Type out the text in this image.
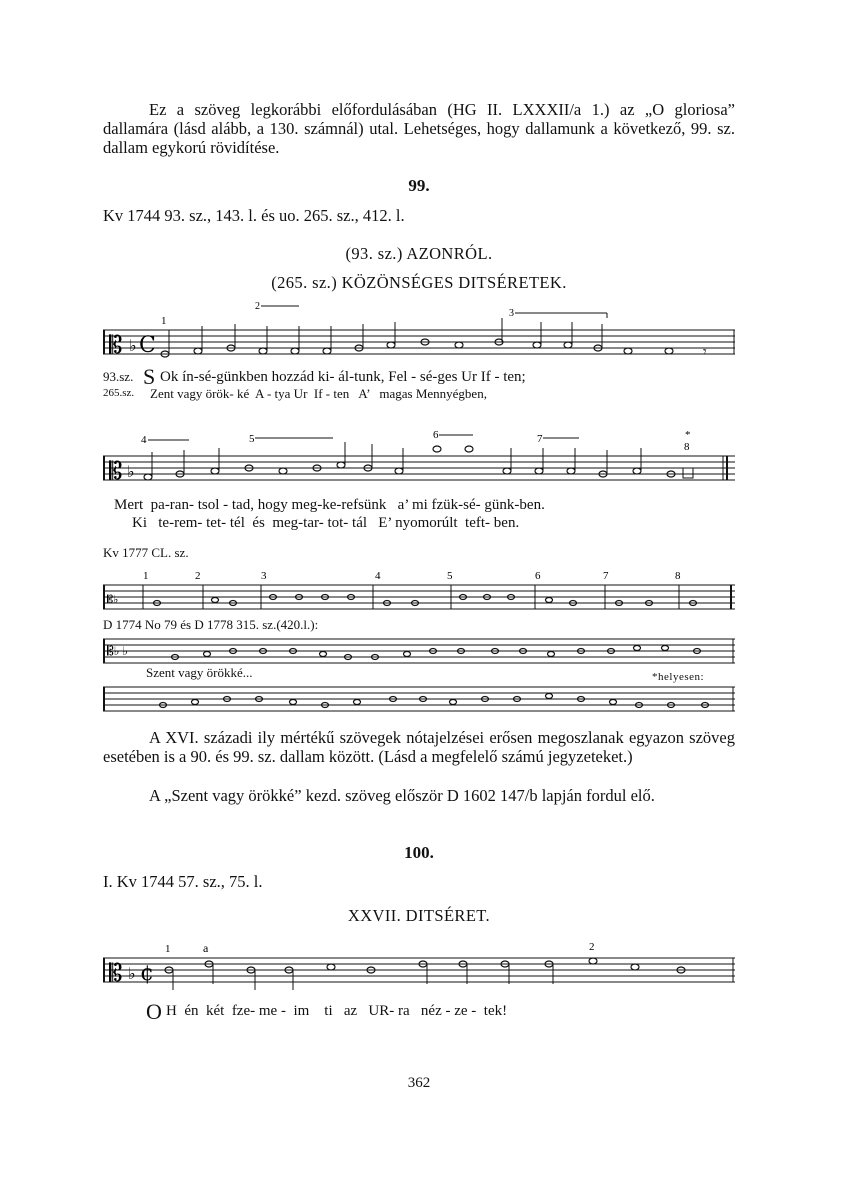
Ez a szöveg legkorábbi előfordulásában (HG II. LXXXII/a 1.) az „O gloriosa” dallamára (lásd alább, a 130. számnál) utal. Lehetséges, hogy dallamunk a következő, 99. sz. dallam egykorú rövidítése.
99.
Kv 1744 93. sz., 143. l. és uo. 265. sz., 412. l.
(93. sz.) AZONRÓL.
(265. sz.) KÖZÖNSÉGES DITSÉRETEK.
𝄡 ♭ C
1
2
3
𝄾
93.sz.
265.sz.
S Ok ín-sé-günkben hozzád ki- ál-tunk, Fel - sé-ges Ur If - ten;
Zent vagy örök- ké  A - tya Ur  If - ten   A’   magas Mennyégben,
𝄡 ♭
4	5	6	7	*
8
Mert  pa-ran- tsol - tad, hogy meg-ke-refsünk   a’ mi fzük-sé- günk-ben.
Ki   te-rem- tet- tél  és  meg-tar- tot- tál   E’ nyomorúlt  teft- ben.
Kv 1777 CL. sz.
𝄡♭
1	2	3	4	5	6	7	8
D 1774 No 79 és D 1778 315. sz.(420.l.):
𝄡♭ ♭
Szent vagy örökké...	*helyesen:
A XVI. századi ily mértékű szövegek nótajelzései erősen megoszlanak egyazon szöveg esetében is a 90. és 99. sz. dallam között. (Lásd a megfelelő számú jegyzeteket.)
A „Szent vagy örökké” kezd. szöveg először D 1602 147/b lapján fordul elő.
100.
I. Kv 1744 57. sz., 75. l.
XXVII. DITSÉRET.
𝄡 ♭ ¢
1	a	2
O H  én  két  fze- me -  im    ti   az   UR- ra   néz - ze -  tek!
362
